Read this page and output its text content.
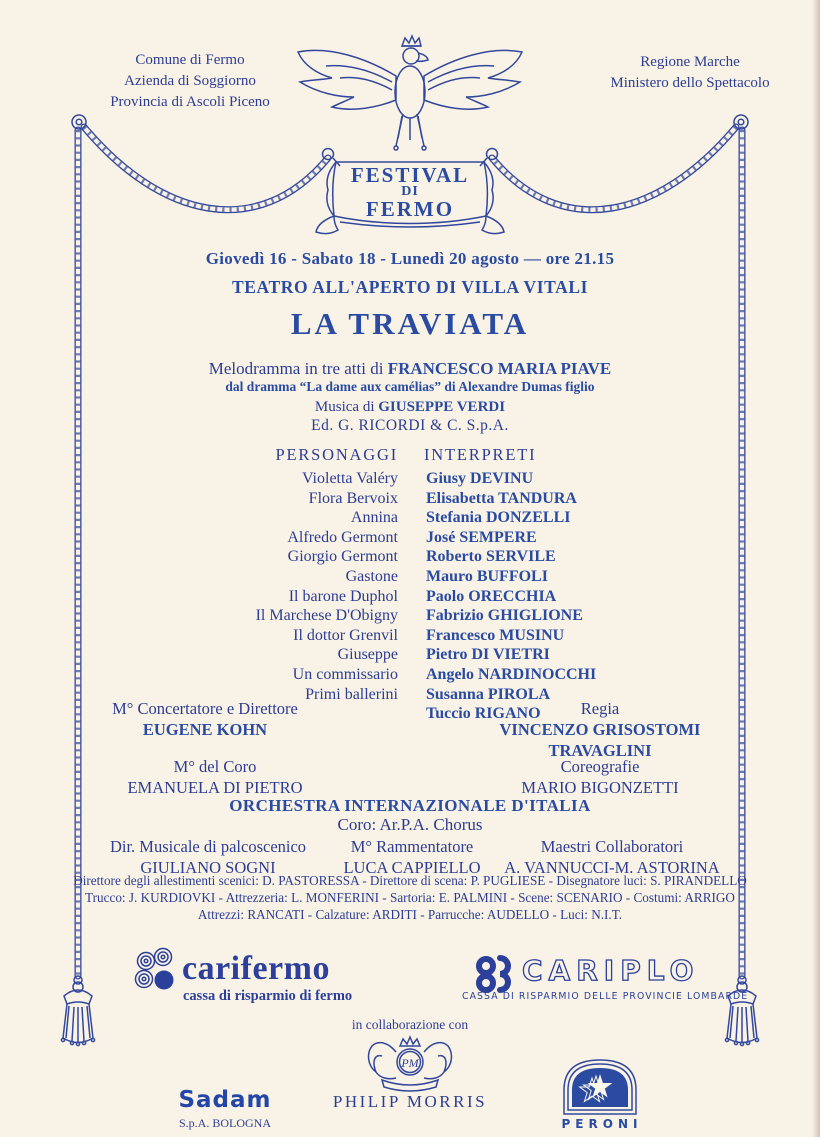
PM
Comune di Fermo
Azienda di Soggiorno
Provincia di Ascoli Piceno
Regione Marche
Ministero dello Spettacolo
FESTIVAL
DI
FERMO
Giovedì 16 - Sabato 18 - Lunedì 20 agosto — ore 21.15
TEATRO ALL'APERTO DI VILLA VITALI
LA TRAVIATA
Melodramma in tre atti di FRANCESCO MARIA PIAVE
dal dramma “La dame aux camélias” di Alexandre Dumas figlio
Musica di GIUSEPPE VERDI
Ed. G. RICORDI & C. S.p.A.
PERSONAGGI	INTERPRETI
Violetta Valéry	Giusy DEVINU
Flora Bervoix	Elisabetta TANDURA
Annina	Stefania DONZELLI
Alfredo Germont	José SEMPERE
Giorgio Germont	Roberto SERVILE
Gastone	Mauro BUFFOLI
Il barone Duphol	Paolo ORECCHIA
Il Marchese D'Obigny	Fabrizio GHIGLIONE
Il dottor Grenvil	Francesco MUSINU
Giuseppe	Pietro DI VIETRI
Un commissario	Angelo NARDINOCCHI
Primi ballerini	Susanna PIROLA
Tuccio RIGANO
M° Concertatore e Direttore
EUGENE KOHN
Regia
VINCENZO GRISOSTOMI
TRAVAGLINI
M° del Coro
EMANUELA DI PIETRO
Coreografie
MARIO BIGONZETTI
ORCHESTRA INTERNAZIONALE D'ITALIA
Coro: Ar.P.A. Chorus
Dir. Musicale di palcoscenico
GIULIANO SOGNI
M° Rammentatore
LUCA CAPPIELLO
Maestri Collaboratori
A. VANNUCCI-M. ASTORINA
Direttore degli allestimenti scenici: D. PASTORESSA - Direttore di scena: P. PUGLIESE - Disegnatore luci: S. PIRANDELLO
Trucco: J. KURDIOVKI - Attrezzeria: L. MONFERINI - Sartoria: E. PALMINI - Scene: SCENARIO - Costumi: ARRIGO
Attrezzi: RANCATI - Calzature: ARDITI - Parrucche: AUDELLO - Luci: N.I.T.
carifermo
cassa di risparmio di fermo
CARIPLO
CASSA DI RISPARMIO DELLE PROVINCIE LOMBARDE
in collaborazione con
PHILIP MORRIS
Sadam
S.p.A. BOLOGNA	PERONI
